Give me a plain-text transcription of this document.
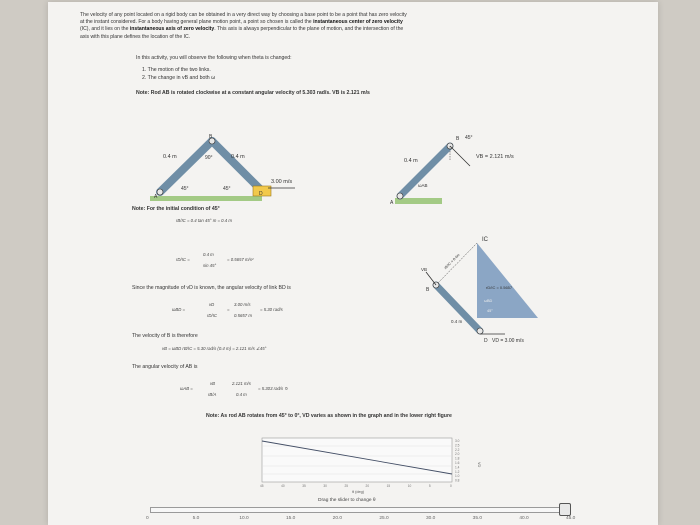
The velocity of any point located on a rigid body can be obtained in a very direct way by choosing a base point to be a point that has zero velocity
at the instant considered. For a body having general plane motion point, a point so chosen is called the instantaneous center of zero velocity
(IC), and it lies on the instantaneous axis of zero velocity. This axis is always perpendicular to the plane of motion, and the intersection of the
axis with this plane defines the location of the IC.
In this activity, you will observe the following when theta is changed:
1. The motion of the two links.
2. The change in vB and both ω
Note: Rod AB is rotated clockwise at a constant angular velocity of 5.303 rad/s. VB is 2.121 m/s
Note: For the initial condition of 45°
rB/IC = 0.4 tan 45° m = 0.4 m
rD/IC =
0.4 m
sin 45°
= 0.5657 m/s²
Since the magnitude of vD is known, the angular velocity of link BD is
ωBD =
vD
rD/IC
=
3.00 m/s
0.5657 m
= 5.30 rad/s
The velocity of B is therefore
vB = ωBD rB/IC = 5.30 rad/s (0.4 m) = 2.121 m/s ∠45°
The angular velocity of AB is
ωAB =
vB
rB/A
2.121 m/s
0.4 m
= 5.303 rad/s ↻
Note: As rod AB rotates from 45° to 0°, VD varies as shown in the graph and in the lower right figure
0.4 m	0.4 m
90°
45°	45°
B
A	D
3.00 m/s
B
A
45°
VB = 2.121 m/s
0.4 m
ωAB
IC
rB/IC = 0.4m
rD/IC = 0.5657
B
D
VB
VD = 3.00 m/s
0.4 m
ωBD
45°
3.0
2.5
2.2
2.0
1.8
1.6
1.4
1.2
1.0
0.8
45	40	35	30	25	20	15	10	5	0
θ (deg)
VD
Drag the slider to change θ
0	5.0	10.0	15.0	20.0	25.0	30.0	35.0	40.0	45.0
